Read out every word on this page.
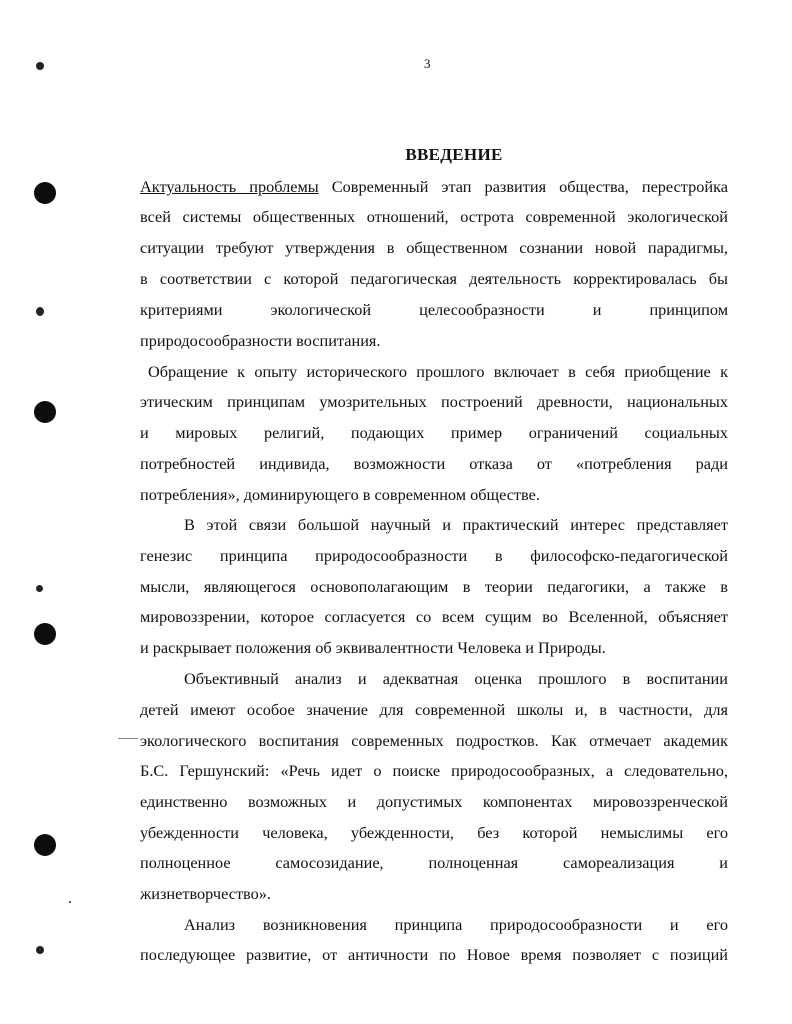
3
ВВЕДЕНИЕ
Актуальность проблемы Современный этап развития общества, перестройка
всей системы общественных отношений, острота современной экологической
ситуации требуют утверждения в общественном сознании новой парадигмы,
в соответствии с которой педагогическая деятельность корректировалась бы
критериями экологической целесообразности и принципом
природосообразности воспитания.
Обращение к опыту исторического прошлого включает в себя приобщение к
этическим принципам умозрительных построений древности, национальных
и мировых религий, подающих пример ограничений социальных
потребностей индивида, возможности отказа от «потребления ради
потребления», доминирующего в современном обществе.
В этой связи большой научный и практический интерес представляет
генезис принципа природосообразности в философско-педагогической
мысли, являющегося основополагающим в теории педагогики, а также в
мировоззрении, которое согласуется со всем сущим во Вселенной, объясняет
и раскрывает положения об эквивалентности Человека и Природы.
Объективный анализ и адекватная оценка прошлого в воспитании
детей имеют особое значение для современной школы и, в частности, для
экологического воспитания современных подростков. Как отмечает академик
Б.С. Гершунский: «Речь идет о поиске природосообразных, а следовательно,
единственно возможных и допустимых компонентах мировоззренческой
убежденности человека, убежденности, без которой немыслимы его
полноценное самосозидание, полноценная самореализация и
жизнетворчество».
Анализ возникновения принципа природосообразности и его
последующее развитие, от античности по Новое время позволяет с позиций
